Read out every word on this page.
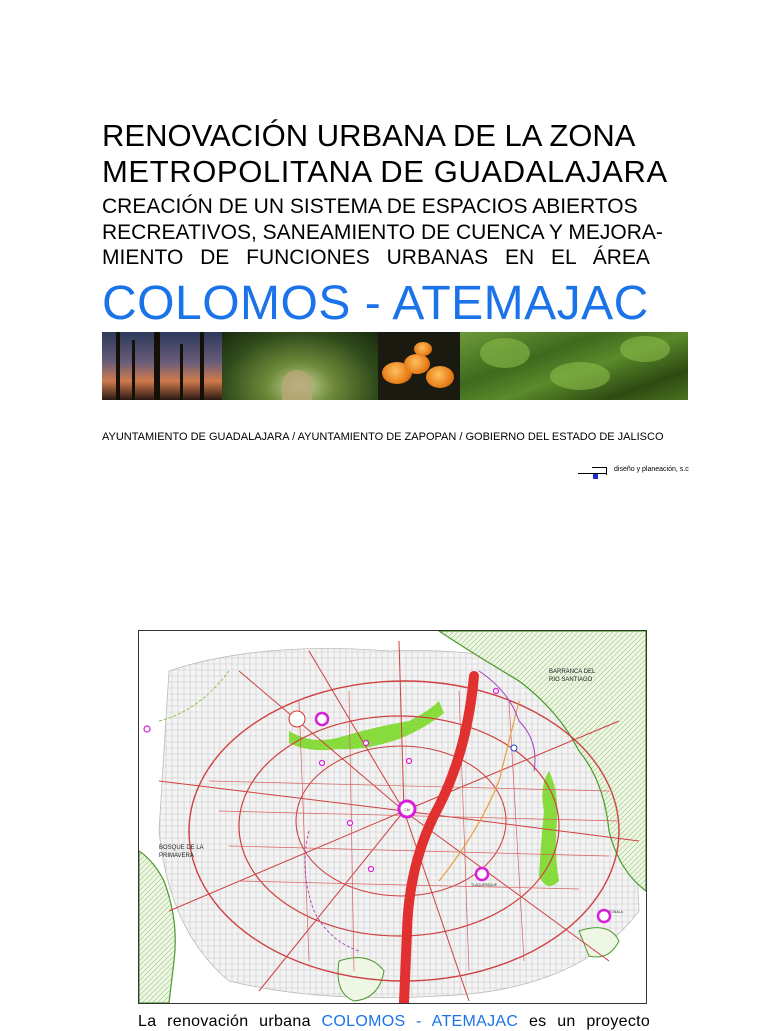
RENOVACIÓN URBANA DE LA ZONA
METROPOLITANA DE GUADALAJARA

CREACIÓN DE UN SISTEMA DE ESPACIOS ABIERTOS

RECREATIVOS, SANEAMIENTO DE CUENCA Y MEJORA-

MIENTO DE FUNCIONES URBANAS EN EL ÁREA

COLOMOS - ATEMAJAC

AYUNTAMIENTO DE GUADALAJARA / AYUNTAMIENTO DE ZAPOPAN / GOBIERNO DEL ESTADO DE JALISCO

diseño y planeación, s.c
CM
BARRANCA DEL
RIO SANTIAGO
BOSQUE DE LA
PRIMAVERA
TLAQUEPAQUE
TONALA

La renovación urbana COLOMOS - ATEMAJAC es un proyecto
